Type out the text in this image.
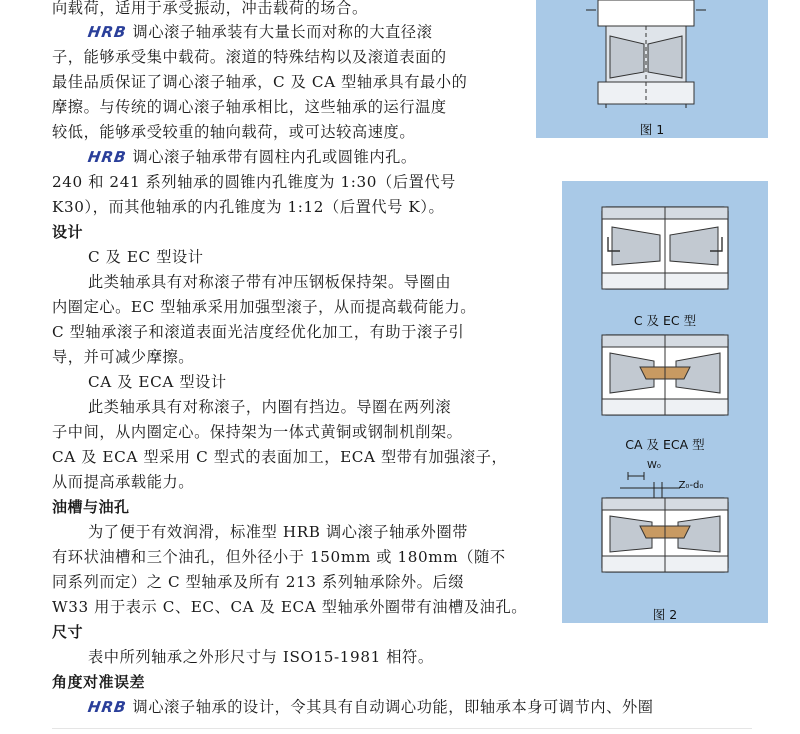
向载荷，适用于承受振动，冲击载荷的场合。
HRB 调心滚子轴承装有大量长而对称的大直径滚
子，能够承受集中载荷。滚道的特殊结构以及滚道表面的
最佳品质保证了调心滚子轴承，C 及 CA 型轴承具有最小的
摩擦。与传统的调心滚子轴承相比，这些轴承的运行温度
较低，能够承受较重的轴向载荷，或可达较高速度。
HRB 调心滚子轴承带有圆柱内孔或圆锥内孔。
240 和 241 系列轴承的圆锥内孔锥度为 1:30（后置代号
K30），而其他轴承的内孔锥度为 1:12（后置代号 K）。
设计
C 及 EC 型设计
此类轴承具有对称滚子带有冲压钢板保持架。导圈由
内圈定心。EC 型轴承采用加强型滚子，从而提高载荷能力。
C 型轴承滚子和滚道表面光洁度经优化加工，有助于滚子引
导，并可减少摩擦。
CA 及 ECA 型设计
此类轴承具有对称滚子，内圈有挡边。导圈在两列滚
子中间，从内圈定心。保持架为一体式黄铜或钢制机削架。
CA 及 ECA 型采用 C 型式的表面加工，ECA 型带有加强滚子，
从而提高承载能力。
油槽与油孔
为了便于有效润滑，标准型 HRB 调心滚子轴承外圈带
有环状油槽和三个油孔，但外径小于 150mm 或 180mm（随不
同系列而定）之 C 型轴承及所有 213 系列轴承除外。后缀
W33 用于表示 C、EC、CA 及 ECA 型轴承外圈带有油槽及油孔。
尺寸
表中所列轴承之外形尺寸与 ISO15-1981 相符。
角度对准误差
HRB 调心滚子轴承的设计，令其具有自动调心功能，即轴承本身可调节内、外圈
图 1
C 及 EC 型
CA 及 ECA 型
W₀
Z₀-d₀
图 2
